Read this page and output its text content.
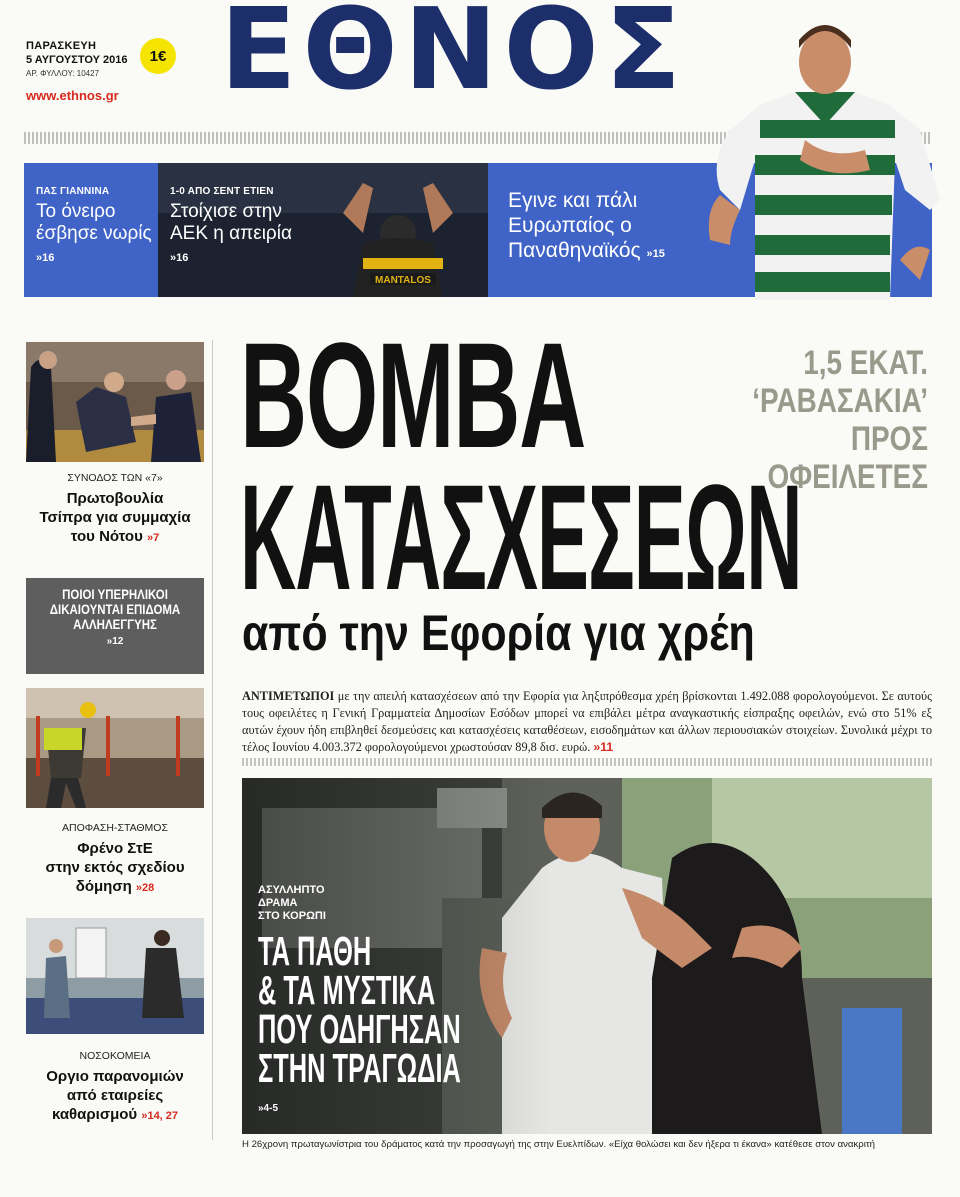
ΠΑΡΑΣΚΕΥΗ
5 ΑΥΓΟΥΣΤΟΥ 2016
ΑΡ. ΦΥΛΛΟΥ: 10427
1€
www.ethnos.gr ΕΘΝΟΣ
MANTALOS
ΠΑΣ ΓΙΑΝΝΙΝΑ
Το όνειρο έσβησε νωρίς »16
1-0 ΑΠΟ ΣΕΝΤ ΕΤΙΕΝ
Στοίχισε στην ΑΕΚ η απειρία »16
Εγινε και πάλι Ευρωπαίος ο Παναθηναϊκός »15
ΣΥΝΟΔΟΣ ΤΩΝ «7»
Πρωτοβουλία
Τσίπρα για συμμαχία
του Νότου »7
ΠΟΙΟΙ ΥΠΕΡΗΛΙΚΟΙ
ΔΙΚΑΙΟΥΝΤΑΙ ΕΠΙΔΟΜΑ
ΑΛΛΗΛΕΓΓΥΗΣ
»12
ΑΠΟΦΑΣΗ-ΣΤΑΘΜΟΣ
Φρένο ΣτΕ
στην εκτός σχεδίου
δόμηση »28
ΝΟΣΟΚΟΜΕΙΑ
Οργιο παρανομιών
από εταιρείες
καθαρισμού »14, 27
ΒΟΜΒΑ
ΚΑΤΑΣΧΕΣΕΩΝ
από την Εφορία για χρέη
1,5 ΕΚΑΤ.
‘ΡΑΒΑΣΑΚΙΑ’
ΠΡΟΣ ΟΦΕΙΛΕΤΕΣ
ΑΝΤΙΜΕΤΩΠΟΙ με την απειλή κατασχέσεων από την Εφορία για ληξιπρόθεσμα χρέη βρίσκονται 1.492.088 φορολογούμενοι. Σε αυτούς τους οφειλέτες η Γενική Γραμματεία Δημοσίων Εσόδων μπορεί να επιβάλει μέτρα αναγκαστικής είσπραξης οφειλών, ενώ στο 51% εξ αυτών έχουν ήδη επιβληθεί δεσμεύσεις και κατασχέσεις καταθέσεων, εισοδημάτων και άλλων περιουσιακών στοιχείων. Συνολικά μέχρι το τέλος Ιουνίου 4.003.372 φορολογούμενοι χρωστούσαν 89,8 δισ. ευρώ. »11
ΑΣΥΛΛΗΠΤΟ
ΔΡΑΜΑ
ΣΤΟ ΚΟΡΩΠΙ
ΤΑ ΠΑΘΗ
& ΤΑ ΜΥΣΤΙΚΑ
ΠΟΥ ΟΔΗΓΗΣΑΝ
ΣΤΗΝ ΤΡΑΓΩΔΙΑ
»4-5
Η 26χρονη πρωταγωνίστρια του δράματος κατά την προσαγωγή της στην Ευελπίδων. «Είχα θολώσει και δεν ήξερα τι έκανα» κατέθεσε στον ανακριτή
